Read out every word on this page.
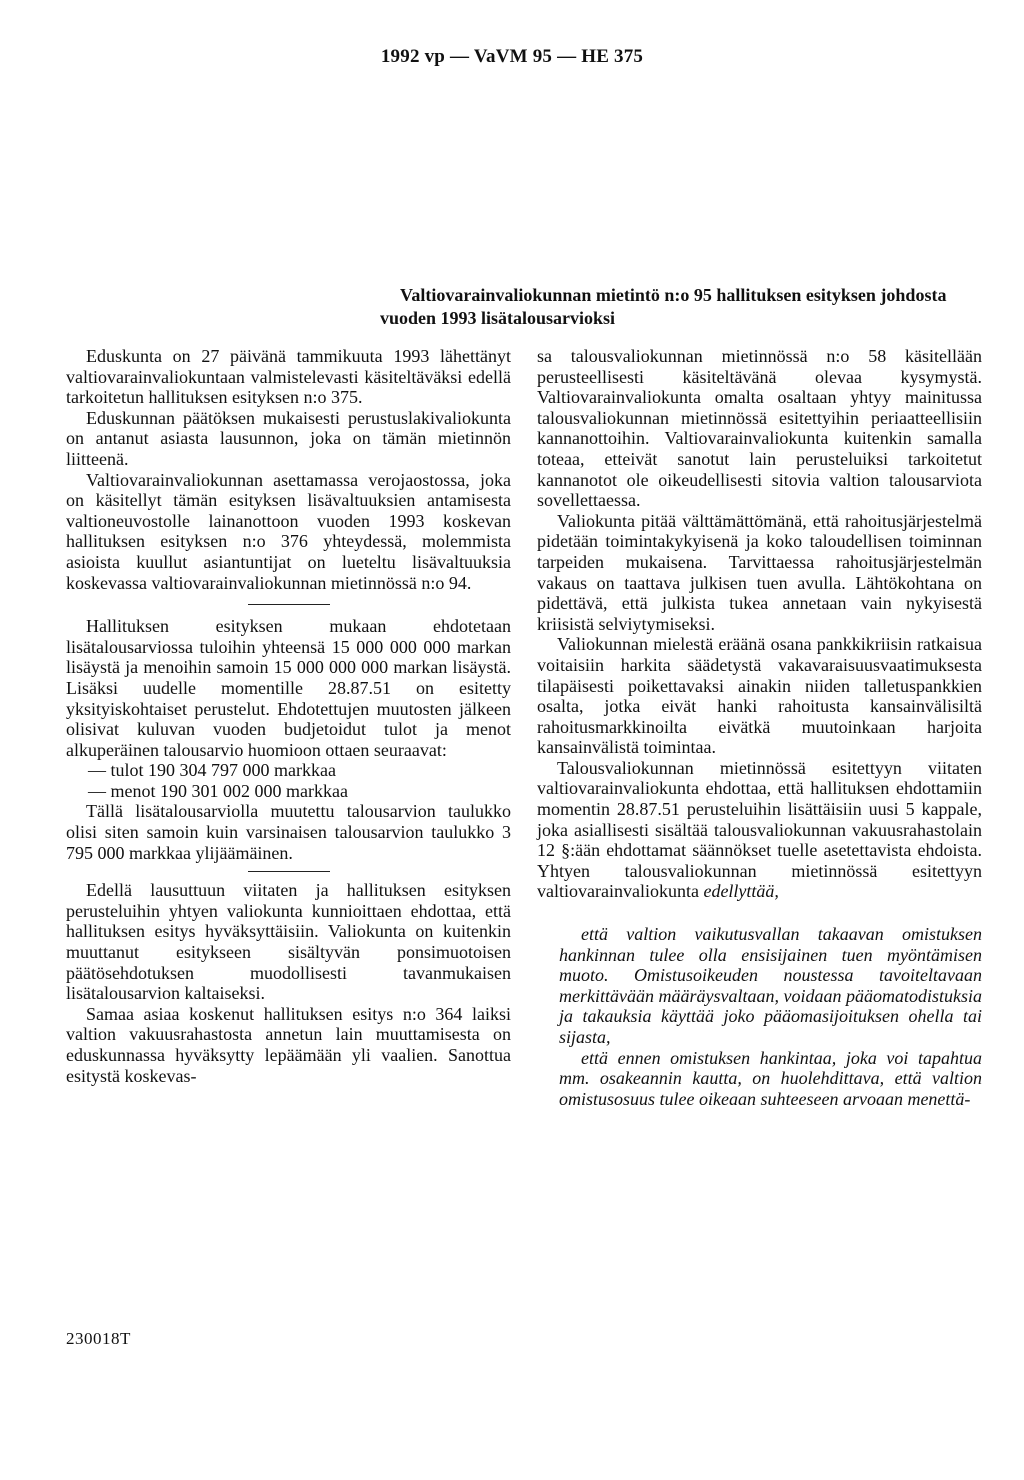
1992 vp — VaVM 95 — HE 375
Valtiovarainvaliokunnan mietintö n:o 95 hallituksen esityksen johdosta vuoden 1993 lisätalousarvioksi

Eduskunta on 27 päivänä tammikuuta 1993 lähettänyt valtiovarainvaliokuntaan valmistelevasti käsiteltäväksi edellä tarkoitetun hallituksen esityksen n:o 375.

Eduskunnan päätöksen mukaisesti perustuslakivaliokunta on antanut asiasta lausunnon, joka on tämän mietinnön liitteenä.

Valtiovarainvaliokunnan asettamassa verojaostossa, joka on käsitellyt tämän esityksen lisävaltuuksien antamisesta valtioneuvostolle lainanottoon vuoden 1993 koskevan hallituksen esityksen n:o 376 yhteydessä, molemmista asioista kuullut asiantuntijat on lueteltu lisävaltuuksia koskevassa valtiovarainvaliokunnan mietinnössä n:o 94.

Hallituksen esityksen mukaan ehdotetaan lisätalousarviossa tuloihin yhteensä 15 000 000 000 markan lisäystä ja menoihin samoin 15 000 000 000 markan lisäystä. Lisäksi uudelle momentille 28.87.51 on esitetty yksityiskohtaiset perustelut. Ehdotettujen muutosten jälkeen olisivat kuluvan vuoden budjetoidut tulot ja menot alkuperäinen talousarvio huomioon ottaen seuraavat:

— tulot 190 304 797 000 markkaa

— menot 190 301 002 000 markkaa

Tällä lisätalousarviolla muutettu talousarvion taulukko olisi siten samoin kuin varsinaisen talousarvion taulukko 3 795 000 markkaa ylijäämäinen.

Edellä lausuttuun viitaten ja hallituksen esityksen perusteluihin yhtyen valiokunta kunnioittaen ehdottaa, että hallituksen esitys hyväksyttäisiin. Valiokunta on kuitenkin muuttanut esitykseen sisältyvän ponsimuotoisen päätösehdotuksen muodollisesti tavanmukaisen lisätalousarvion kaltaiseksi.

Samaa asiaa koskenut hallituksen esitys n:o 364 laiksi valtion vakuusrahastosta annetun lain muuttamisesta on eduskunnassa hyväksytty lepäämään yli vaalien. Sanottua esitystä koskevas-

sa talousvaliokunnan mietinnössä n:o 58 käsitellään perusteellisesti käsiteltävänä olevaa kysymystä. Valtiovarainvaliokunta omalta osaltaan yhtyy mainitussa talousvaliokunnan mietinnössä esitettyihin periaatteellisiin kannanottoihin. Valtiovarainvaliokunta kuitenkin samalla toteaa, etteivät sanotut lain perusteluiksi tarkoitetut kannanotot ole oikeudellisesti sitovia valtion talousarviota sovellettaessa.

Valiokunta pitää välttämättömänä, että rahoitusjärjestelmä pidetään toimintakykyisenä ja koko taloudellisen toiminnan tarpeiden mukaisena. Tarvittaessa rahoitusjärjestelmän vakaus on taattava julkisen tuen avulla. Lähtökohtana on pidettävä, että julkista tukea annetaan vain nykyisestä kriisistä selviytymiseksi.

Valiokunnan mielestä eräänä osana pankkikriisin ratkaisua voitaisiin harkita säädetystä vakavaraisuusvaatimuksesta tilapäisesti poikettavaksi ainakin niiden talletuspankkien osalta, jotka eivät hanki rahoitusta kansainvälisiltä rahoitusmarkkinoilta eivätkä muutoinkaan harjoita kansainvälistä toimintaa.

Talousvaliokunnan mietinnössä esitettyyn viitaten valtiovarainvaliokunta ehdottaa, että hallituksen ehdottamiin momentin 28.87.51 perusteluihin lisättäisiin uusi 5 kappale, joka asiallisesti sisältää talousvaliokunnan vakuusrahastolain 12 §:ään ehdottamat säännökset tuelle asetettavista ehdoista. Yhtyen talousvaliokunnan mietinnössä esitettyyn valtiovarainvaliokunta edellyttää,

että valtion vaikutusvallan takaavan omistuksen hankinnan tulee olla ensisijainen tuen myöntämisen muoto. Omistusoikeuden noustessa tavoiteltavaan merkittävään määräysvaltaan, voidaan pääomatodistuksia ja takauksia käyttää joko pääomasijoituksen ohella tai sijasta,

että ennen omistuksen hankintaa, joka voi tapahtua mm. osakeannin kautta, on huolehdittava, että valtion omistusosuus tulee oikeaan suhteeseen arvoaan menettä-

230018T
